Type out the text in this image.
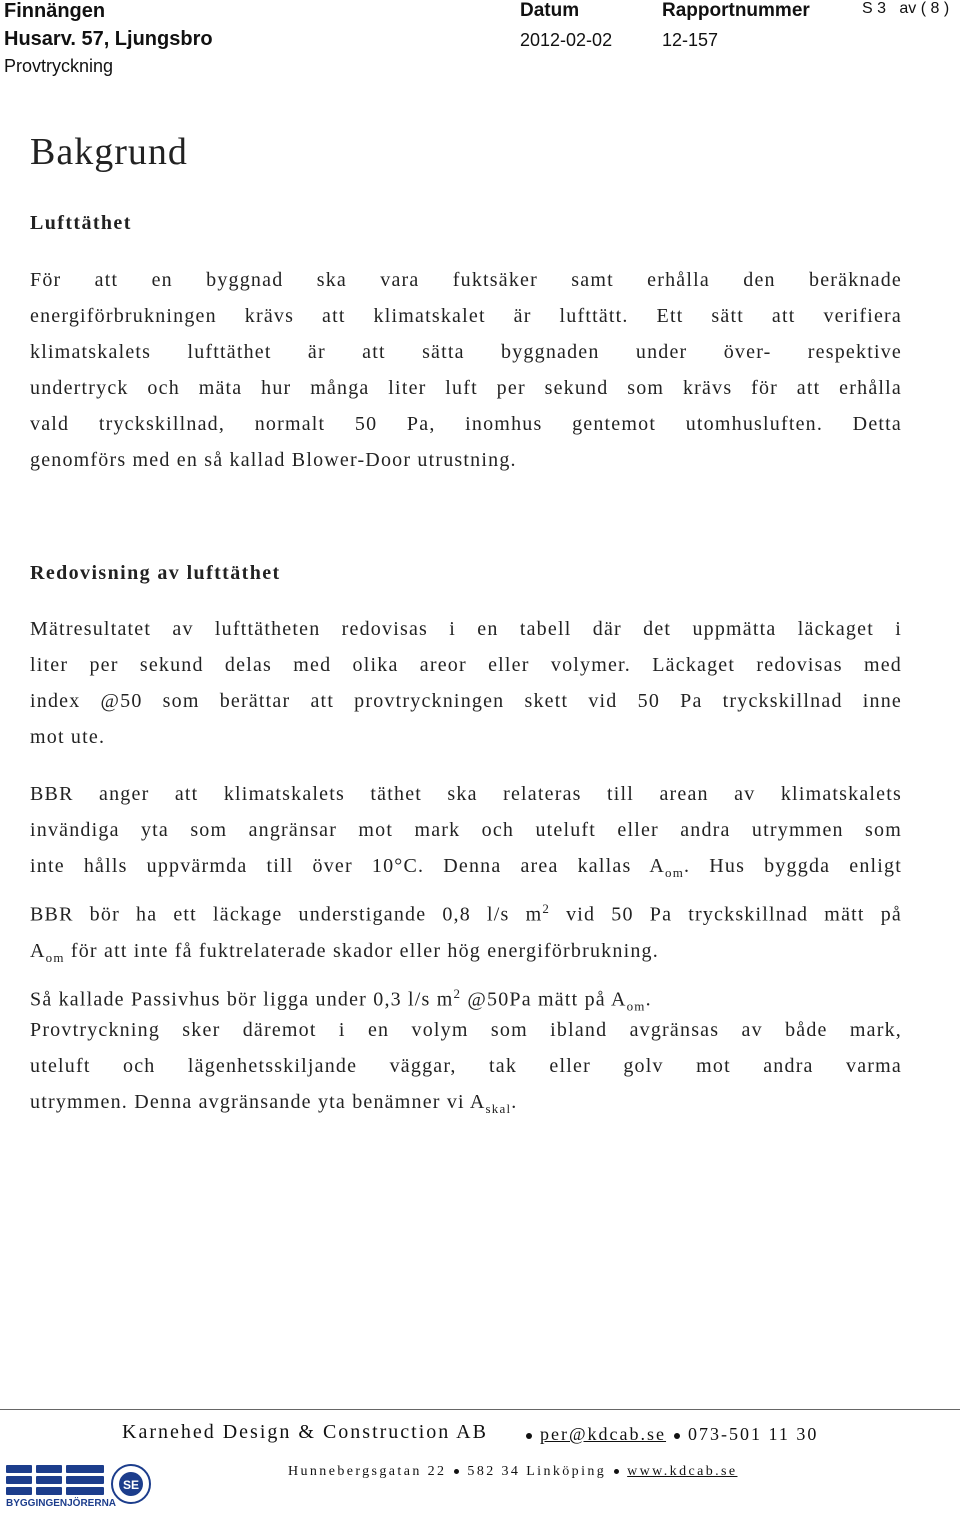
Finnängen
Husarv. 57, Ljungsbro
Provtryckning
Datum
2012-02-02
Rapportnummer
12-157
S 3   av ( 8 )
Bakgrund
Lufttäthet
För att en byggnad ska vara fuktsäker samt erhålla den beräknade
energiförbrukningen krävs att klimatskalet är lufttätt. Ett sätt att verifiera
klimatskalets lufttäthet är att sätta byggnaden under över- respektive
undertryck och mäta hur många liter luft per sekund som krävs för att erhålla
vald tryckskillnad, normalt 50 Pa, inomhus gentemot utomhusluften. Detta
genomförs med en så kallad Blower-Door utrustning.
Redovisning av lufttäthet
Mätresultatet av lufttätheten redovisas i en tabell där det uppmätta läckaget i
liter per sekund delas med olika areor eller volymer. Läckaget redovisas med
index @50 som berättar att provtryckningen skett vid 50 Pa tryckskillnad inne
mot ute.
BBR anger att klimatskalets täthet ska relateras till arean av klimatskalets
invändiga yta som angränsar mot mark och uteluft eller andra utrymmen som
inte hålls uppvärmda till över 10°C. Denna area kallas $A_{om}$. Hus byggda enligt
BBR bör ha ett läckage understigande 0,8 l/s $m^2$ vid 50 Pa tryckskillnad mätt på
$A_{om}$ för att inte få fuktrelaterade skador eller hög energiförbrukning.
Så kallade Passivhus bör ligga under 0,3 l/s $m^2$ @50Pa mätt på $A_{om}$.
Provtryckning sker däremot i en volym som ibland avgränsas av både mark,
uteluft och lägenhetsskiljande väggar, tak eller golv mot andra varma
utrymmen. Denna avgränsande yta benämner vi $A_{skal}$.
Karnehed Design & Construction AB	per@kdcab.se 073-501 11 30
Hunnebergsgatan 22 582 34 Linköping www.kdcab.se
BYGGINGENJÖRERNA
SE
